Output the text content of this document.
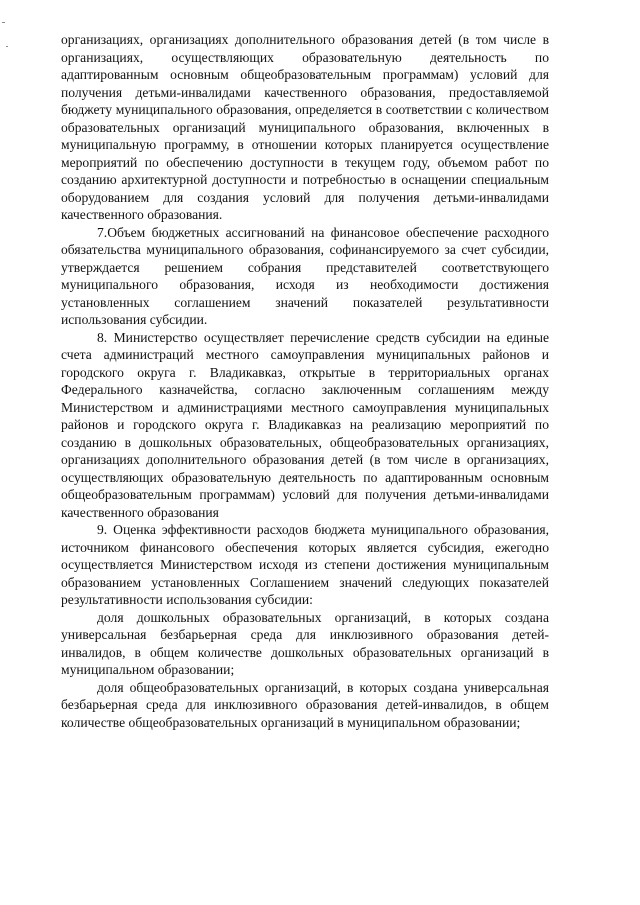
организациях, организациях дополнительного образования детей (в том числе в организациях, осуществляющих образовательную деятельность по адаптированным основным общеобразовательным программам) условий для получения детьми-инвалидами качественного образования, предоставляемой бюджету муниципального образования, определяется в соответствии с количеством образовательных организаций муниципального образования, включенных в муниципальную программу, в отношении которых планируется осуществление мероприятий по обеспечению доступности в текущем году, объемом работ по созданию архитектурной доступности и потребностью в оснащении специальным оборудованием для создания условий для получения детьми-инвалидами качественного образования.

7.Объем бюджетных ассигнований на финансовое обеспечение расходного обязательства муниципального образования, софинансируемого за счет субсидии, утверждается решением собрания представителей соответствующего муниципального образования, исходя из необходимости достижения установленных соглашением значений показателей результативности использования субсидии.

8. Министерство осуществляет перечисление средств субсидии на единые счета администраций местного самоуправления муниципальных районов и городского округа г. Владикавказ, открытые в территориальных органах Федерального казначейства, согласно заключенным соглашениям между Министерством и администрациями местного самоуправления муниципальных районов и городского округа г. Владикавказ на реализацию мероприятий по созданию в дошкольных образовательных, общеобразовательных организациях, организациях дополнительного образования детей (в том числе в организациях, осуществляющих образовательную деятельность по адаптированным основным общеобразовательным программам) условий для получения детьми-инвалидами качественного образования

9. Оценка эффективности расходов бюджета муниципального образования, источником финансового обеспечения которых является субсидия, ежегодно осуществляется Министерством исходя из степени достижения муниципальным образованием установленных Соглашением значений следующих показателей результативности использования субсидии:

доля дошкольных образовательных организаций, в которых создана универсальная безбарьерная среда для инклюзивного образования детей-инвалидов, в общем количестве дошкольных образовательных организаций в муниципальном образовании;

доля общеобразовательных организаций, в которых создана универсальная безбарьерная среда для инклюзивного образования детей-инвалидов, в общем количестве общеобразовательных организаций в муниципальном образовании;
